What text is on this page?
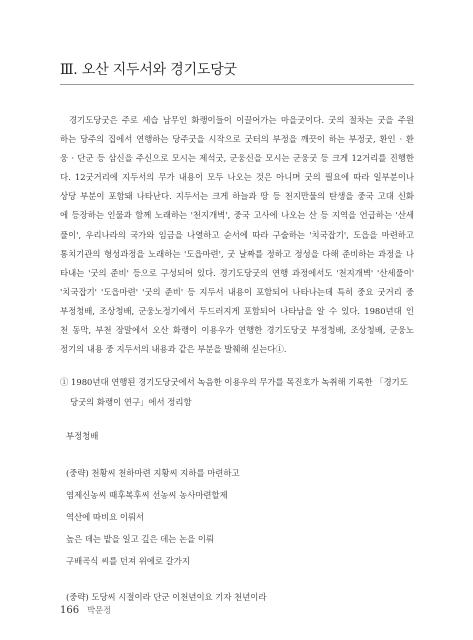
Ⅲ. 오산 지두서와 경기도당굿
경기도당굿은 주로 세습 남무인 화랭이들이 이끌어가는 마을굿이다. 굿의 절차는 굿을 주원
하는 당주의 집에서 연행하는 당주굿을 시작으로 굿터의 부정을 깨끗이 하는 부정굿, 환인 · 환
웅 · 단군 등 삼신을 주신으로 모시는 제석굿, 군웅신을 모시는 군웅굿 등 크게 12거리를 진행한
다. 12굿거리에 지두서의 무가 내용이 모두 나오는 것은 아니며 굿의 필요에 따라 일부분이나
상당 부분이 포함돼 나타난다. 지두서는 크게 하늘과 땅 등 천지만물의 탄생을 중국 고대 신화
에 등장하는 인물과 함께 노래하는 '천지개벽', 중국 고사에 나오는 산 등 지역을 언급하는 '산세
풀이', 우리나라의 국가와 임금을 나열하고 순서에 따라 구술하는 '치국잡기', 도읍을 마련하고
통치기관의 형성과정을 노래하는 '도읍마련', 굿 날짜를 정하고 정성을 다해 준비하는 과정을 나
타내는 '굿의 준비' 등으로 구성되어 있다. 경기도당굿의 연행 과정에서도 '천지개벽' '산세풀이'
'치국잡기' '도읍마련' '굿의 준비' 등 지두서 내용이 포함되어 나타나는데 특히 중요 굿거리 중
부정청배, 조상청배, 군웅노정기에서 두드러지게 포함되어 나타남을 알 수 있다. 1980년대 인
천 동막, 부천 장말에서 오산 화랭이 이용우가 연행한 경기도당굿 부정청배, 조상청배, 군웅노
정기의 내용 중 지두서의 내용과 같은 부분을 발췌해 싣는다①.
① 1980년대 연행된 경기도당굿에서 녹음한 이용우의 무가를 목진호가 녹취해 기록한 「경기도
당굿의 화랭이 연구」에서 정리함
부정청배
(중략) 천황씨 천하마련 지황씨 지하를 마련하고
염제신농씨 때후복후씨 선농씨 농사마련할제
역산에 따비요 이뤄서
높은 데는 밭을 일고 깊은 데는 논을 이뤄
구배곡식 씨를 던져 위에로 갈가지
(중략) 도당씨 시절이라 단군 이천년이요 기자 천년이라
166 박문정
